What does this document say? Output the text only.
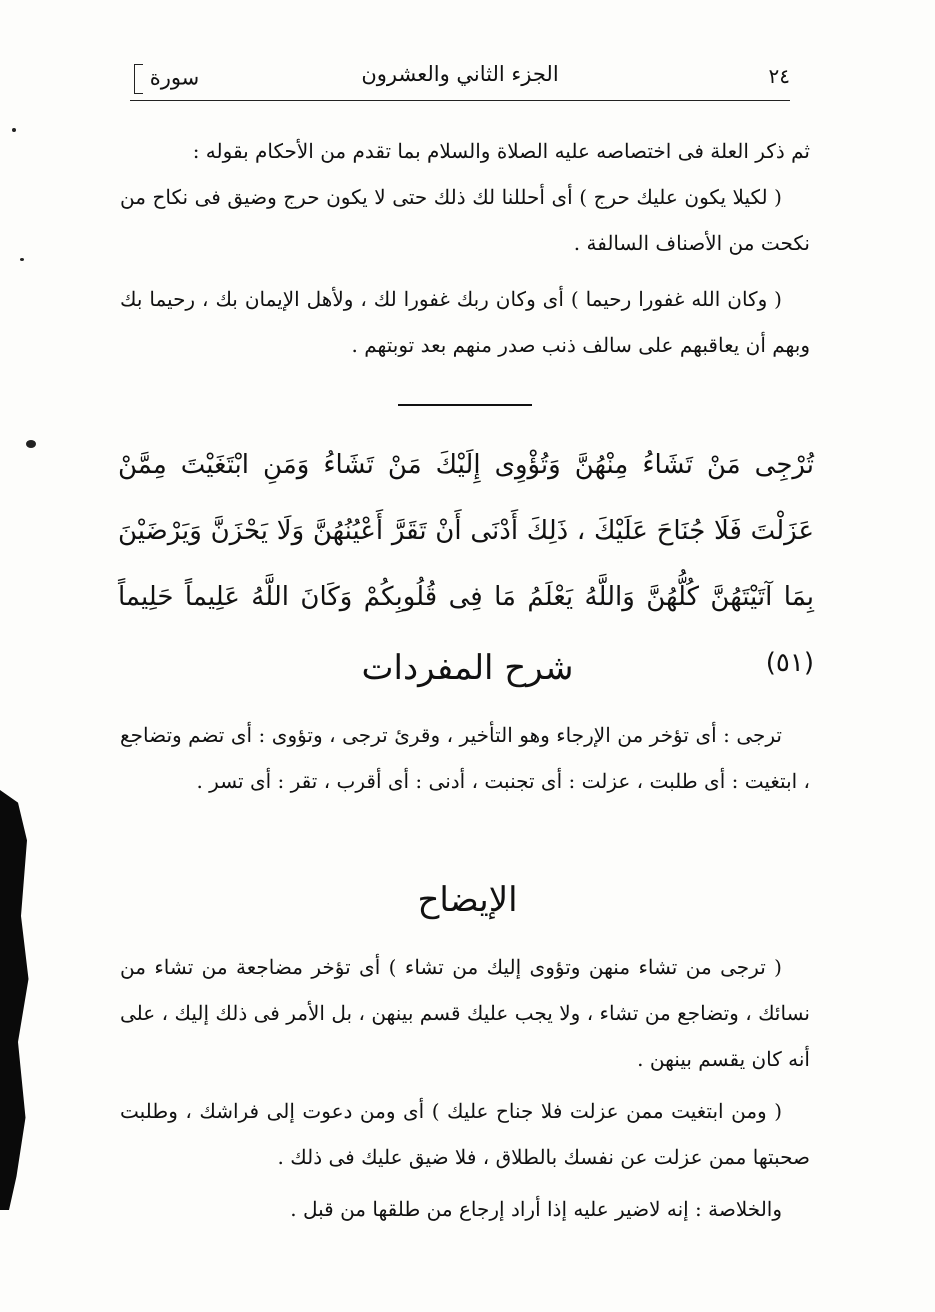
٢٤
الجزء الثاني والعشرون
سورة

ثم ذكر العلة فى اختصاصه عليه الصلاة والسلام بما تقدم من الأحكام بقوله :

( لكيلا يكون عليك حرج ) أى أحللنا لك ذلك حتى لا يكون حرج وضيق فى نكاح من نكحت من الأصناف السالفة .

( وكان الله غفورا رحيما ) أى وكان ربك غفورا لك ، ولأهل الإيمان بك ، رحيما بك وبهم أن يعاقبهم على سالف ذنب صدر منهم بعد توبتهم .

تُرْجِى مَنْ تَشَاءُ مِنْهُنَّ وَتُؤْوِى إِلَيْكَ مَنْ تَشَاءُ وَمَنِ ابْتَغَيْتَ مِمَّنْ عَزَلْتَ فَلَا جُنَاحَ عَلَيْكَ ، ذَلِكَ أَدْنَى أَنْ تَقَرَّ أَعْيُنُهُنَّ وَلَا يَحْزَنَّ وَيَرْضَيْنَ بِمَا آتَيْتَهُنَّ كُلُّهُنَّ وَاللَّهُ يَعْلَمُ مَا فِى قُلُوبِكُمْ وَكَانَ اللَّهُ عَلِيماً حَلِيماً (٥١)
شرح المفردات

ترجى : أى تؤخر من الإرجاء وهو التأخير ، وقرئ ترجى ، وتؤوى : أى تضم وتضاجع ، ابتغيت : أى طلبت ، عزلت : أى تجنبت ، أدنى : أى أقرب ، تقر : أى تسر .

الإيضاح

( ترجى من تشاء منهن وتؤوى إليك من تشاء ) أى تؤخر مضاجعة من تشاء من نسائك ، وتضاجع من تشاء ، ولا يجب عليك قسم بينهن ، بل الأمر فى ذلك إليك ، على أنه كان يقسم بينهن .

( ومن ابتغيت ممن عزلت فلا جناح عليك ) أى ومن دعوت إلى فراشك ، وطلبت صحبتها ممن عزلت عن نفسك بالطلاق ، فلا ضيق عليك فى ذلك .

والخلاصة : إنه لاضير عليه إذا أراد إرجاع من طلقها من قبل .
